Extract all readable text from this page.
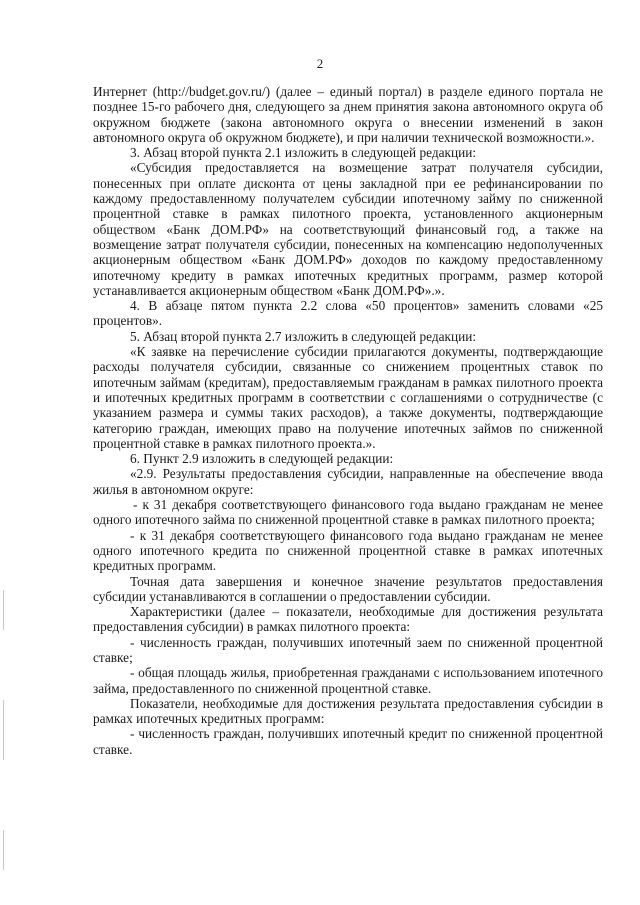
2

Интернет (http://budget.gov.ru/) (далее – единый портал) в разделе единого портала не позднее 15-го рабочего дня, следующего за днем принятия закона автономного округа об окружном бюджете (закона автономного округа о внесении изменений в закон автономного округа об окружном бюджете), и при наличии технической возможности.».

3. Абзац второй пункта 2.1 изложить в следующей редакции:

«Субсидия предоставляется на возмещение затрат получателя субсидии, понесенных при оплате дисконта от цены закладной при ее рефинансировании по каждому предоставленному получателем субсидии ипотечному займу по сниженной процентной ставке в рамках пилотного проекта, установленного акционерным обществом «Банк ДОМ.РФ» на соответствующий финансовый год, а также на возмещение затрат получателя субсидии, понесенных на компенсацию недополученных акционерным обществом «Банк ДОМ.РФ» доходов по каждому предоставленному ипотечному кредиту в рамках ипотечных кредитных программ, размер которой устанавливается акционерным обществом «Банк ДОМ.РФ».».

4. В абзаце пятом пункта 2.2 слова «50 процентов» заменить словами «25 процентов».

5. Абзац второй пункта 2.7 изложить в следующей редакции:

«К заявке на перечисление субсидии прилагаются документы, подтверждающие расходы получателя субсидии, связанные со снижением процентных ставок по ипотечным займам (кредитам), предоставляемым гражданам в рамках пилотного проекта и ипотечных кредитных программ в соответствии с соглашениями о сотрудничестве (с указанием размера и суммы таких расходов), а также документы, подтверждающие категорию граждан, имеющих право на получение ипотечных займов по сниженной процентной ставке в рамках пилотного проекта.».

6. Пункт 2.9 изложить в следующей редакции:

«2.9. Результаты предоставления субсидии, направленные на обеспечение ввода жилья в автономном округе:

- к 31 декабря соответствующего финансового года выдано гражданам не менее одного ипотечного займа по сниженной процентной ставке в рамках пилотного проекта;

- к 31 декабря соответствующего финансового года выдано гражданам не менее одного ипотечного кредита по сниженной процентной ставке в рамках ипотечных кредитных программ.

Точная дата завершения и конечное значение результатов предоставления субсидии устанавливаются в соглашении о предоставлении субсидии.

Характеристики (далее – показатели, необходимые для достижения результата предоставления субсидии) в рамках пилотного проекта:

- численность граждан, получивших ипотечный заем по сниженной процентной ставке;

- общая площадь жилья, приобретенная гражданами с использованием ипотечного займа, предоставленного по сниженной процентной ставке.

Показатели, необходимые для достижения результата предоставления субсидии в рамках ипотечных кредитных программ:

- численность граждан, получивших ипотечный кредит по сниженной процентной ставке.
